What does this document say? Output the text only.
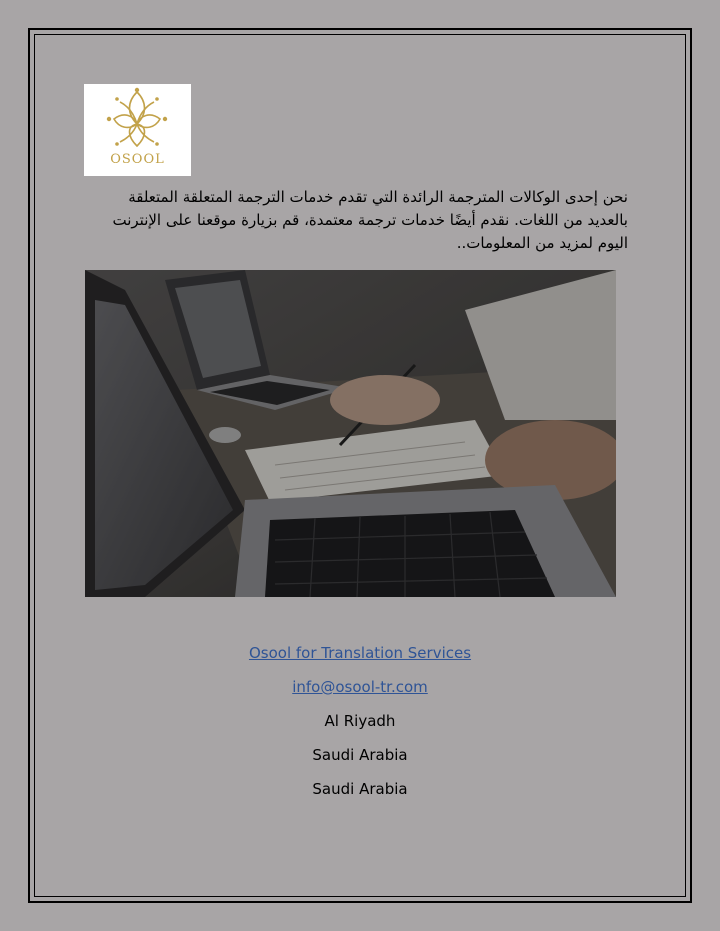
OSOOL
نحن إحدى الوكالات المترجمة الرائدة التي تقدم خدمات الترجمة المتعلقة المتعلقة بالعديد من اللغات. نقدم أيضًا خدمات ترجمة معتمدة، قم بزيارة موقعنا على الإنترنت اليوم لمزيد من المعلومات..
Osool for Translation Services
info@osool-tr.com
Al Riyadh
Saudi Arabia
Saudi Arabia
